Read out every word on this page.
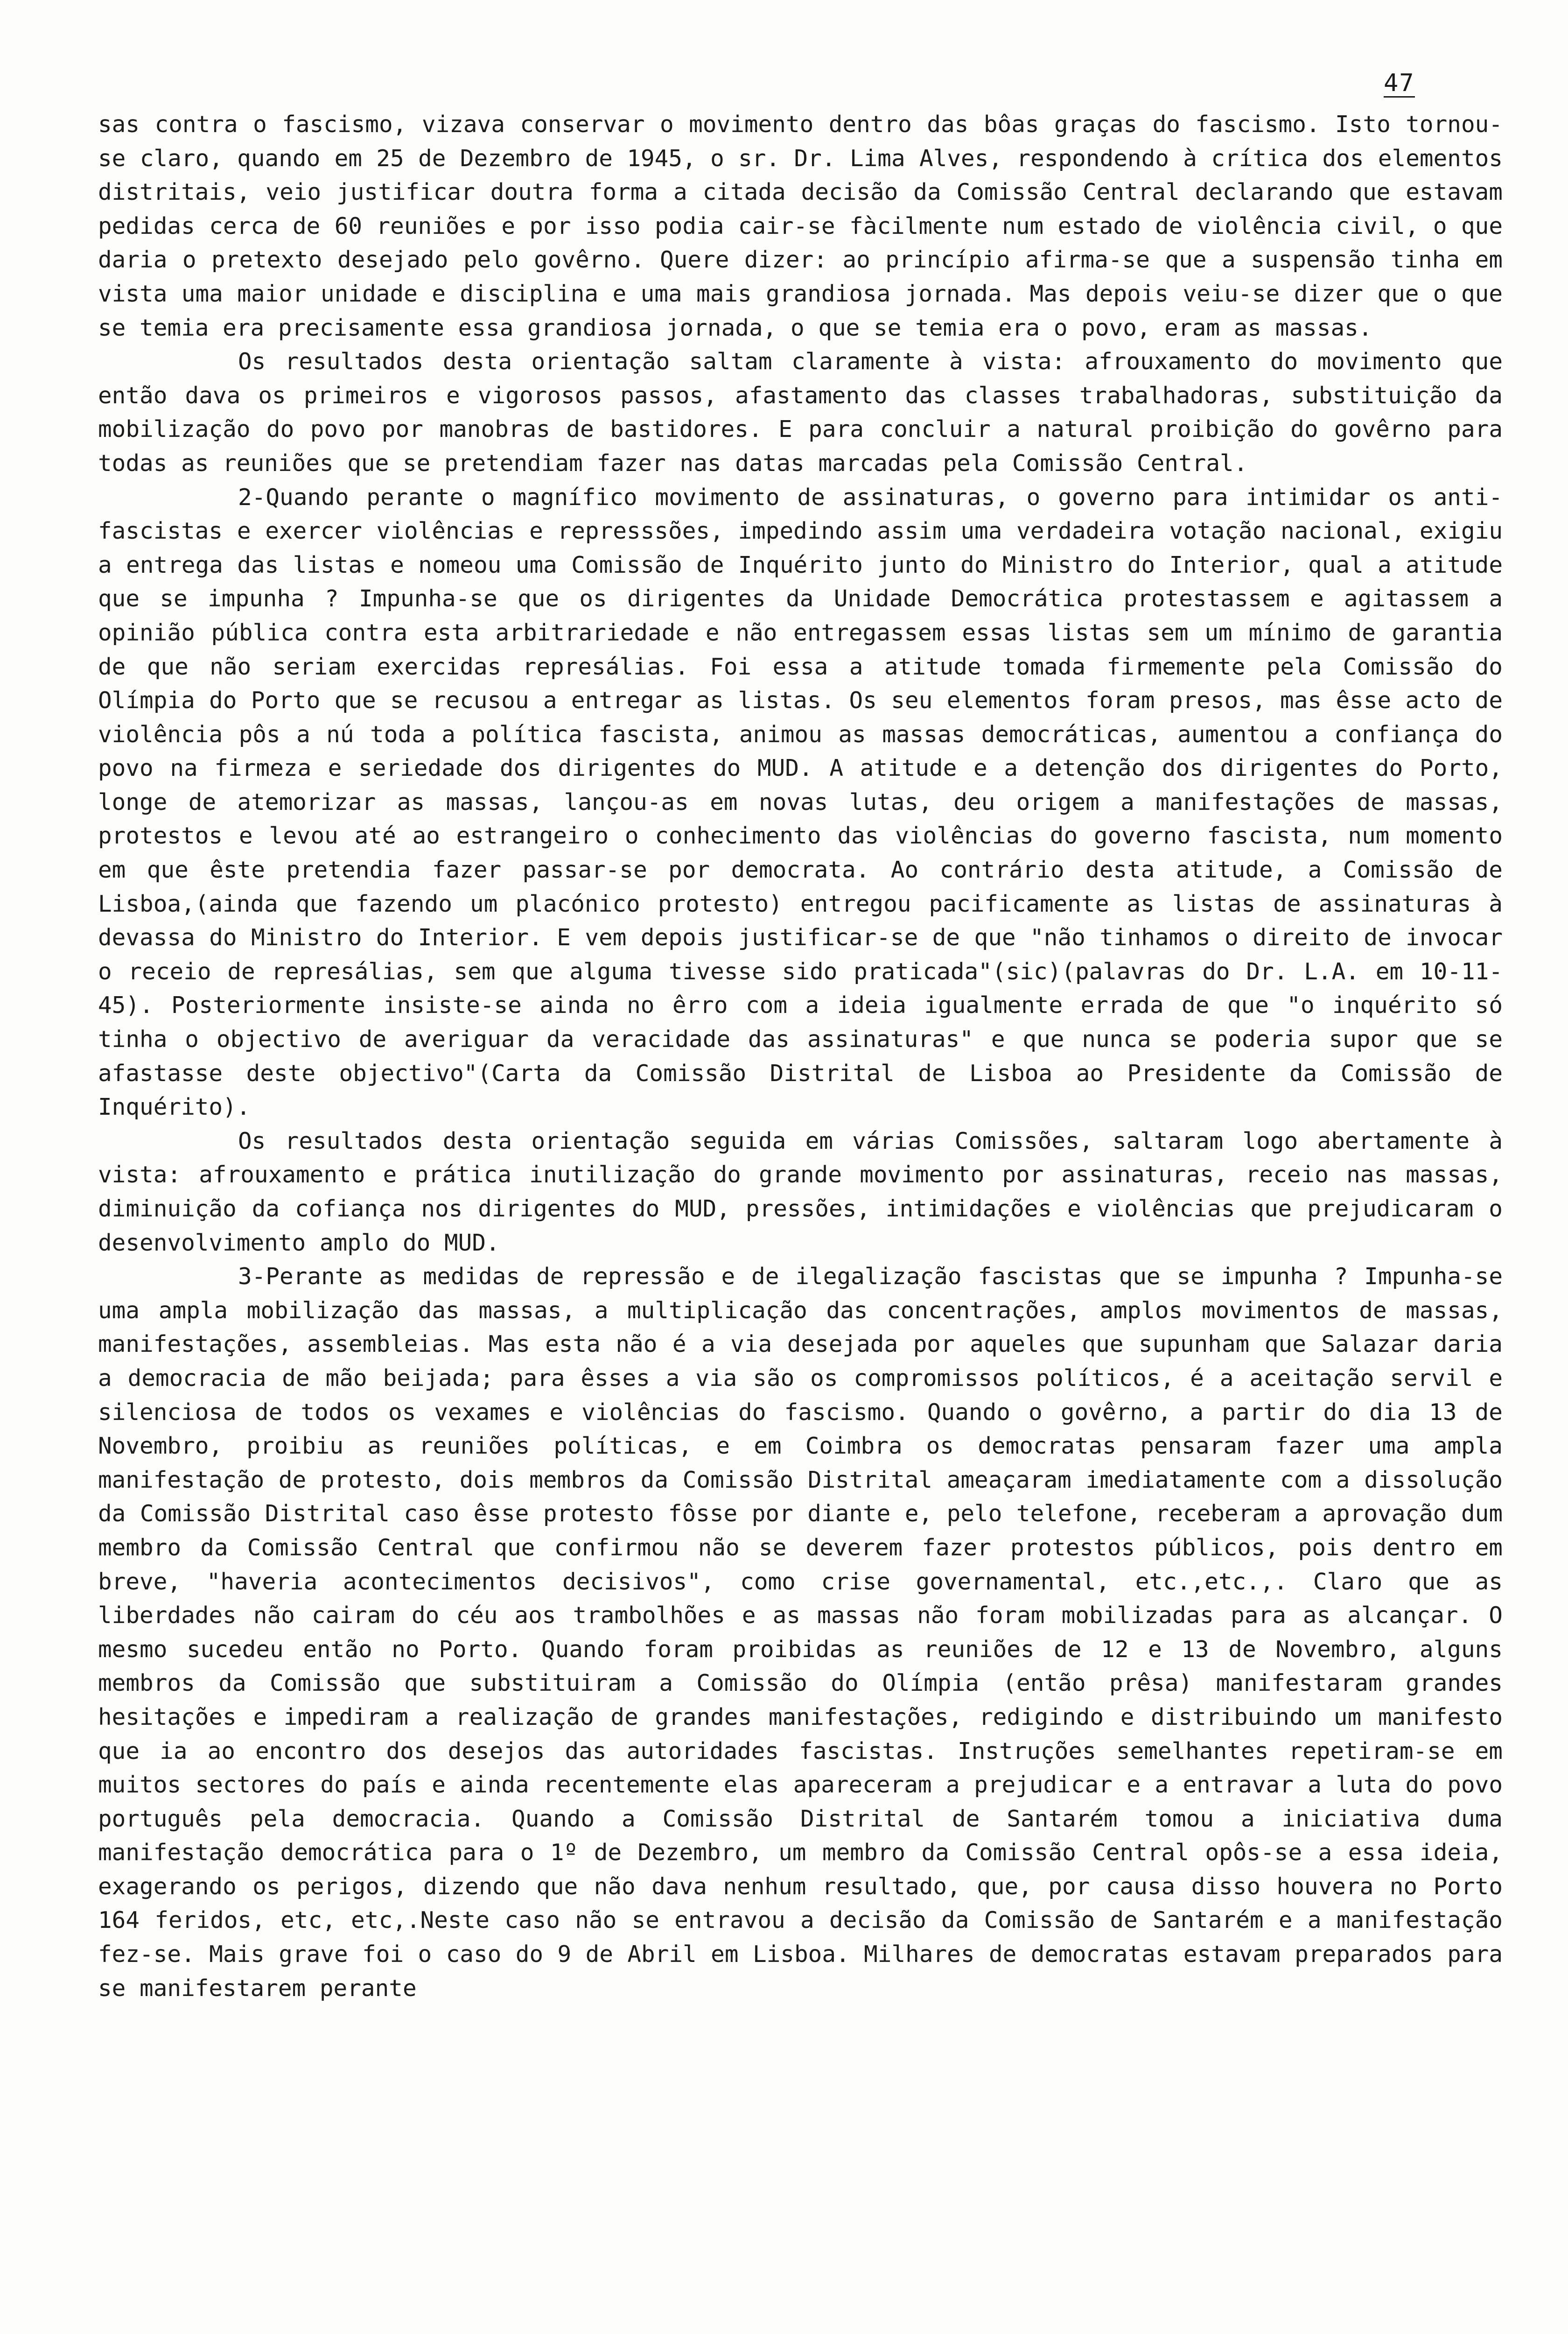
47

sas contra o fascismo, vizava conservar o movimento dentro das bôas graças do fascismo. Isto tornou-se claro, quando em 25 de Dezembro de 1945, o sr. Dr. Lima Alves, respondendo à crítica dos elementos distritais, veio justificar doutra forma a citada decisão da Comissão Central declarando que estavam pedidas cerca de 60 reuniões e por isso podia cair-se fàcilmente num estado de violência civil, o que daria o pretexto desejado pelo govêrno. Quere dizer: ao princípio afirma-se que a suspensão tinha em vista uma maior unidade e disciplina e uma mais grandiosa jornada. Mas depois veiu-se dizer que o que se temia era precisamente essa grandiosa jornada, o que se temia era o povo, eram as massas.

Os resultados desta orientação saltam claramente à vista: afrouxamento do movimento que então dava os primeiros e vigorosos passos, afastamento das classes trabalhadoras, substituição da mobilização do povo por manobras de bastidores. E para concluir a natural proibição do govêrno para todas as reuniões que se pretendiam fazer nas datas marcadas pela Comissão Central.

2-Quando perante o magnífico movimento de assinaturas, o governo para intimidar os anti-fascistas e exercer violências e represssões, impedindo assim uma verdadeira votação nacional, exigiu a entrega das listas e nomeou uma Comissão de Inquérito junto do Ministro do Interior, qual a atitude que se impunha ? Impunha-se que os dirigentes da Unidade Democrática protestassem e agitassem a opinião pública contra esta arbitrariedade e não entregassem essas listas sem um mínimo de garantia de que não seriam exercidas represálias. Foi essa a atitude tomada firmemente pela Comissão do Olímpia do Porto que se recusou a entregar as listas. Os seu elementos foram presos, mas êsse acto de violência pôs a nú toda a política fascista, animou as massas democráticas, aumentou a confiança do povo na firmeza e seriedade dos dirigentes do MUD. A atitude e a detenção dos dirigentes do Porto, longe de atemorizar as massas, lançou-as em novas lutas, deu origem a manifestações de massas, protestos e levou até ao estrangeiro o conhecimento das violências do governo fascista, num momento em que êste pretendia fazer passar-se por democrata. Ao contrário desta atitude, a Comissão de Lisboa,(ainda que fazendo um placónico protesto) entregou pacificamente as listas de assinaturas à devassa do Ministro do Interior. E vem depois justificar-se de que "não tinhamos o direito de invocar o receio de represálias, sem que alguma tivesse sido praticada"(sic)(palavras do Dr. L.A. em 10-11-45). Posteriormente insiste-se ainda no êrro com a ideia igualmente errada de que "o inquérito só tinha o objectivo de averiguar da veracidade das assinaturas" e que nunca se poderia supor que se afastasse deste objectivo"(Carta da Comissão Distrital de Lisboa ao Presidente da Comissão de Inquérito).

Os resultados desta orientação seguida em várias Comissões, saltaram logo abertamente à vista: afrouxamento e prática inutilização do grande movimento por assinaturas, receio nas massas, diminuição da cofiança nos dirigentes do MUD, pressões, intimidações e violências que prejudicaram o desenvolvimento amplo do MUD.

3-Perante as medidas de repressão e de ilegalização fascistas que se impunha ? Impunha-se uma ampla mobilização das massas, a multiplicação das concentrações, amplos movimentos de massas, manifestações, assembleias. Mas esta não é a via desejada por aqueles que supunham que Salazar daria a democracia de mão beijada; para êsses a via são os compromissos políticos, é a aceitação servil e silenciosa de todos os vexames e violências do fascismo. Quando o govêrno, a partir do dia 13 de Novembro, proibiu as reuniões políticas, e em Coimbra os democratas pensaram fazer uma ampla manifestação de protesto, dois membros da Comissão Distrital ameaçaram imediatamente com a dissolução da Comissão Distrital caso êsse protesto fôsse por diante e, pelo telefone, receberam a aprovação dum membro da Comissão Central que confirmou não se deverem fazer protestos públicos, pois dentro em breve, "haveria acontecimentos decisivos", como crise governamental, etc.,etc.,. Claro que as liberdades não cairam do céu aos trambolhões e as massas não foram mobilizadas para as alcançar. O mesmo sucedeu então no Porto. Quando foram proibidas as reuniões de 12 e 13 de Novembro, alguns membros da Comissão que substituiram a Comissão do Olímpia (então prêsa) manifestaram grandes hesitações e impediram a realização de grandes manifestações, redigindo e distribuindo um manifesto que ia ao encontro dos desejos das autoridades fascistas. Instruções semelhantes repetiram-se em muitos sectores do país e ainda recentemente elas apareceram a prejudicar e a entravar a luta do povo português pela democracia. Quando a Comissão Distrital de Santarém tomou a iniciativa duma manifestação democrática para o 1º de Dezembro, um membro da Comissão Central opôs-se a essa ideia, exagerando os perigos, dizendo que não dava nenhum resultado, que, por causa disso houvera no Porto 164 feridos, etc, etc,.Neste caso não se entravou a decisão da Comissão de Santarém e a manifestação fez-se. Mais grave foi o caso do 9 de Abril em Lisboa. Milhares de democratas estavam preparados para se manifestarem perante
